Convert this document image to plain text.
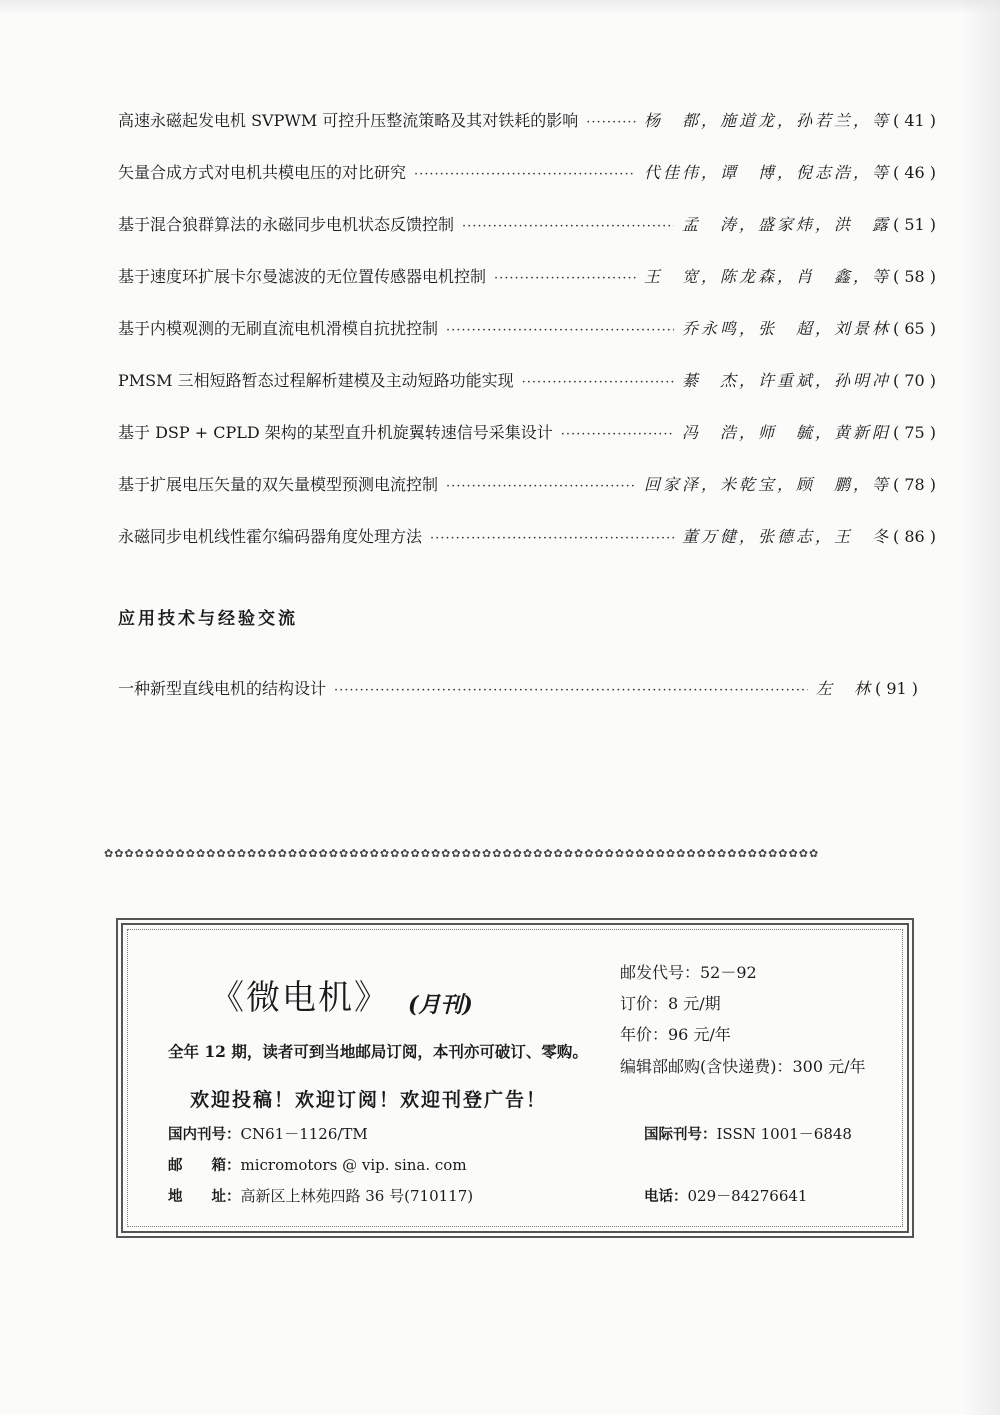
高速永磁起发电机 SVPWM 可控升压整流策略及其对铁耗的影响 ·····	杨　都，施道龙，孙若兰，等 ( 41 )
矢量合成方式对电机共模电压的对比研究 ·····	代佳伟，谭　博，倪志浩，等 ( 46 )
基于混合狼群算法的永磁同步电机状态反馈控制 ·····	孟　涛，盛家炜，洪　露 ( 51 )
基于速度环扩展卡尔曼滤波的无位置传感器电机控制 ·····	王　宽，陈龙森，肖　鑫，等 ( 58 )
基于内模观测的无刷直流电机滑模自抗扰控制 ·····	乔永鸣，张　超，刘景林 ( 65 )
PMSM 三相短路暂态过程解析建模及主动短路功能实现 ·····	綦　杰，许重斌，孙明冲 ( 70 )
基于 DSP + CPLD 架构的某型直升机旋翼转速信号采集设计 ·····	冯　浩，师　毓，黄新阳 ( 75 )
基于扩展电压矢量的双矢量模型预测电流控制 ·····	回家泽，米乾宝，顾　鹏，等 ( 78 )
永磁同步电机线性霍尔编码器角度处理方法 ·····	董万健，张德志，王　冬 ( 86 )
应用技术与经验交流
一种新型直线电机的结构设计 ·····	左　林 ( 91 )
✿✿✿✿✿✿✿✿✿✿✿✿✿✿✿✿✿✿✿✿✿✿✿✿✿✿✿✿✿✿✿✿✿✿✿✿✿✿✿✿✿✿✿✿✿✿✿✿✿✿✿✿✿✿✿✿✿✿✿✿✿✿✿✿✿✿✿✿✿✿
《微电机》 (月刊)
邮发代号：52－92
订价：8 元/期
年价：96 元/年
编辑部邮购(含快递费)：300 元/年
全年 12 期，读者可到当地邮局订阅，本刊亦可破订、零购。
欢迎投稿！欢迎订阅！欢迎刊登广告！
国内刊号：CN61－1126/TM	国际刊号：ISSN 1001－6848
邮　　箱：micromotors @ vip. sina. com
地　　址：高新区上林苑四路 36 号(710117)	电话：029－84276641
